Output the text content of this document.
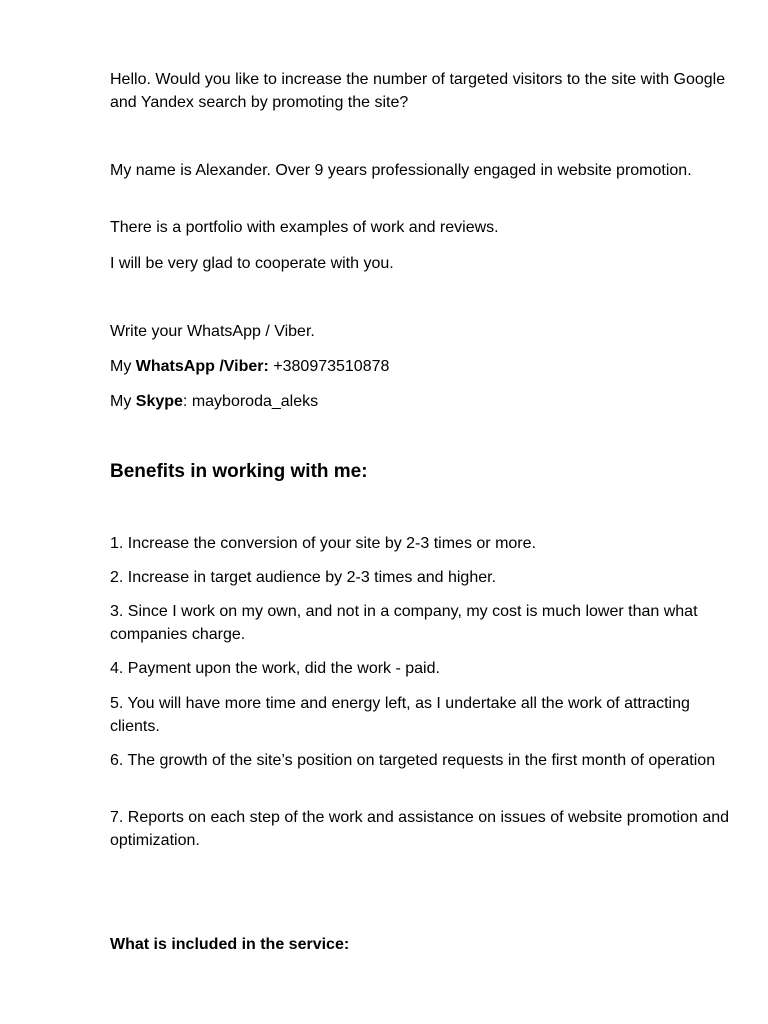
Hello. Would you like to increase the number of targeted visitors to the site with Google and Yandex search by promoting the site?

My name is Alexander. Over 9 years professionally engaged in website promotion.

There is a portfolio with examples of work and reviews.

I will be very glad to cooperate with you.

Write your WhatsApp / Viber.

My WhatsApp /Viber: +380973510878

My Skype: mayboroda_aleks

Benefits in working with me:

1. Increase the conversion of your site by 2-3 times or more.

2. Increase in target audience by 2-3 times and higher.

3. Since I work on my own, and not in a company, my cost is much lower than what companies charge.

4. Payment upon the work, did the work - paid.

5. You will have more time and energy left, as I undertake all the work of attracting clients.

6. The growth of the site’s position on targeted requests in the first month of operation

7. Reports on each step of the work and assistance on issues of website promotion and optimization.

What is included in the service:
